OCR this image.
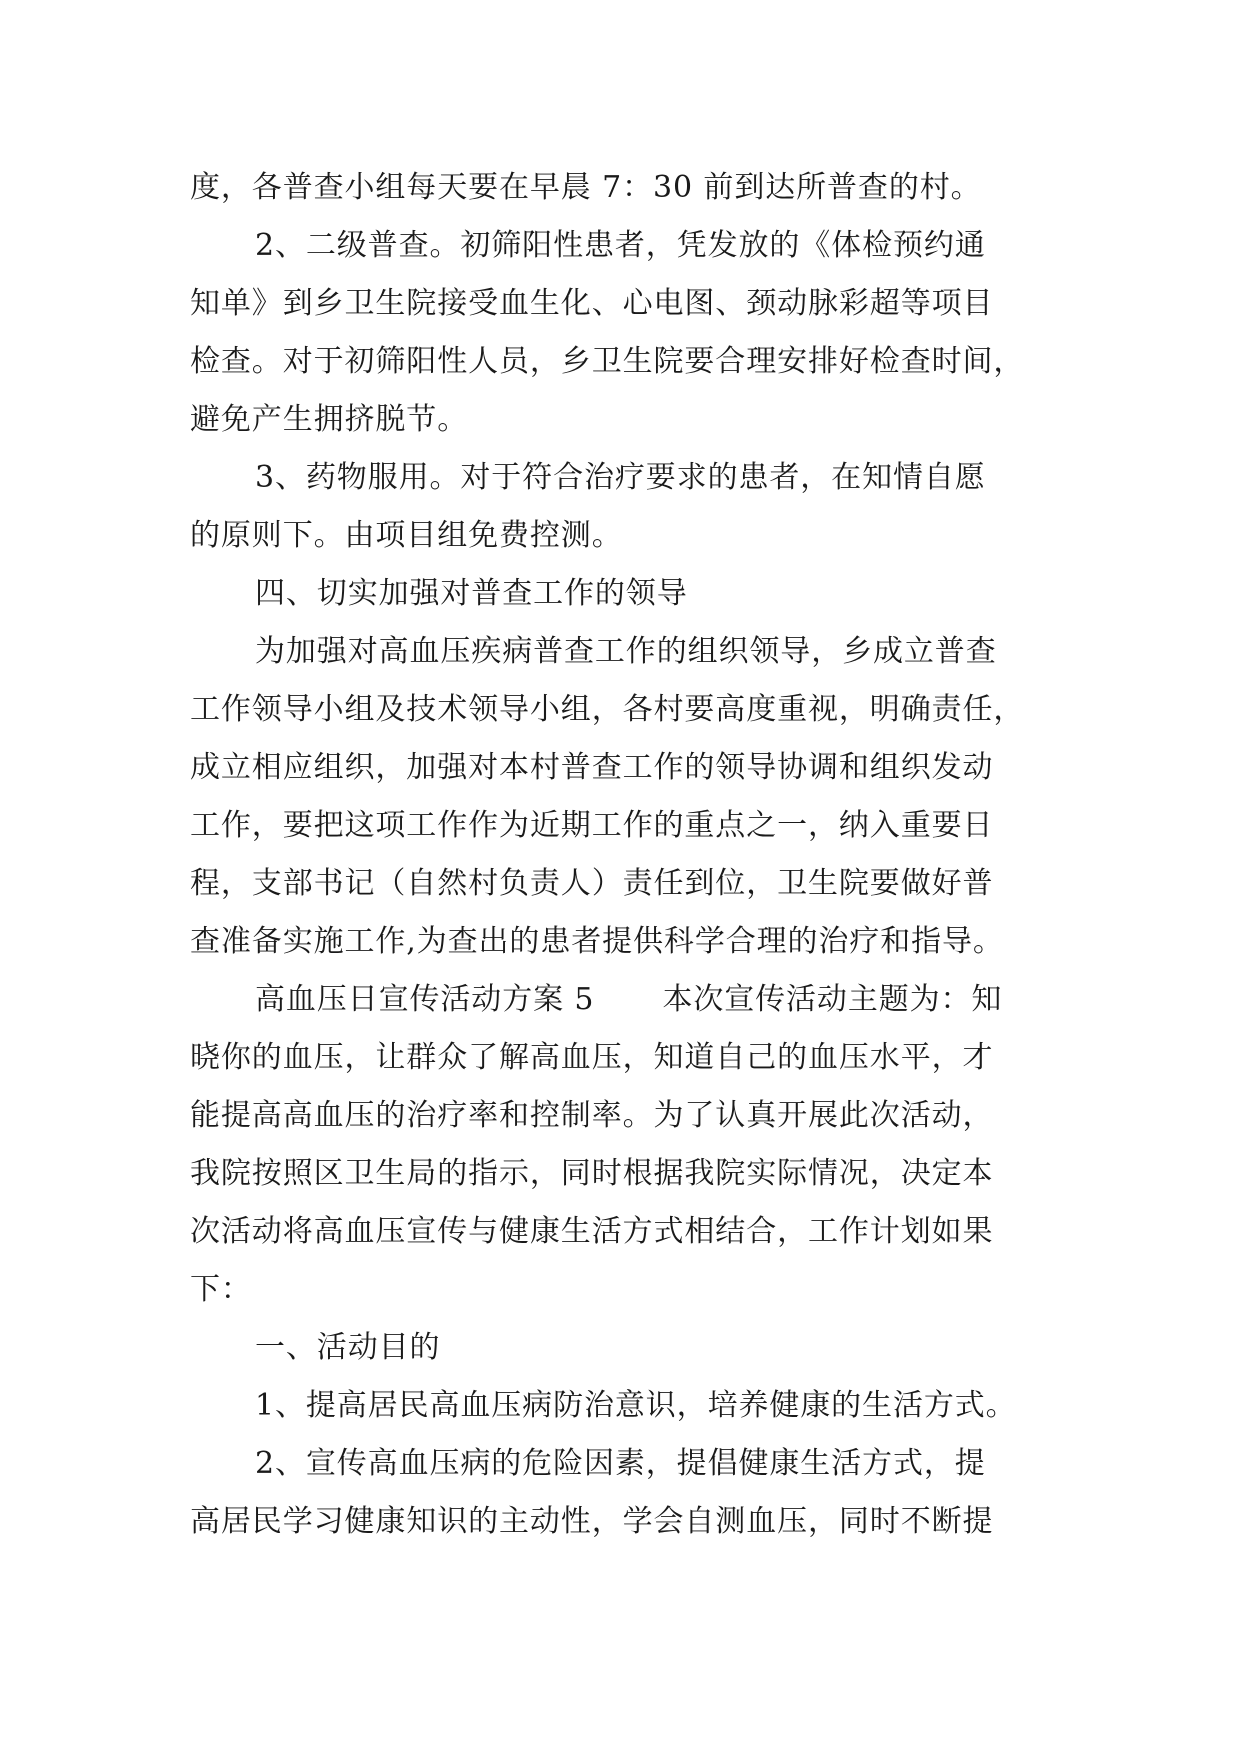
度，各普查小组每天要在早晨 7：30 前到达所普查的村。
2、二级普查。初筛阳性患者，凭发放的《体检预约通
知单》到乡卫生院接受血生化、心电图、颈动脉彩超等项目
检查。对于初筛阳性人员，乡卫生院要合理安排好检查时间，
避免产生拥挤脱节。
3、药物服用。对于符合治疗要求的患者，在知情自愿
的原则下。由项目组免费控测。
四、切实加强对普查工作的领导
为加强对高血压疾病普查工作的组织领导，乡成立普查
工作领导小组及技术领导小组，各村要高度重视，明确责任，
成立相应组织，加强对本村普查工作的领导协调和组织发动
工作，要把这项工作作为近期工作的重点之一，纳入重要日
程，支部书记（自然村负责人）责任到位，卫生院要做好普
查准备实施工作,为查出的患者提供科学合理的治疗和指导。
高血压日宣传活动方案 5 本次宣传活动主题为：知
晓你的血压，让群众了解高血压，知道自己的血压水平，才
能提高高血压的治疗率和控制率。为了认真开展此次活动，
我院按照区卫生局的指示，同时根据我院实际情况，决定本
次活动将高血压宣传与健康生活方式相结合，工作计划如果
下：
一、活动目的
1、提高居民高血压病防治意识，培养健康的生活方式。
2、宣传高血压病的危险因素，提倡健康生活方式，提
高居民学习健康知识的主动性，学会自测血压，同时不断提
